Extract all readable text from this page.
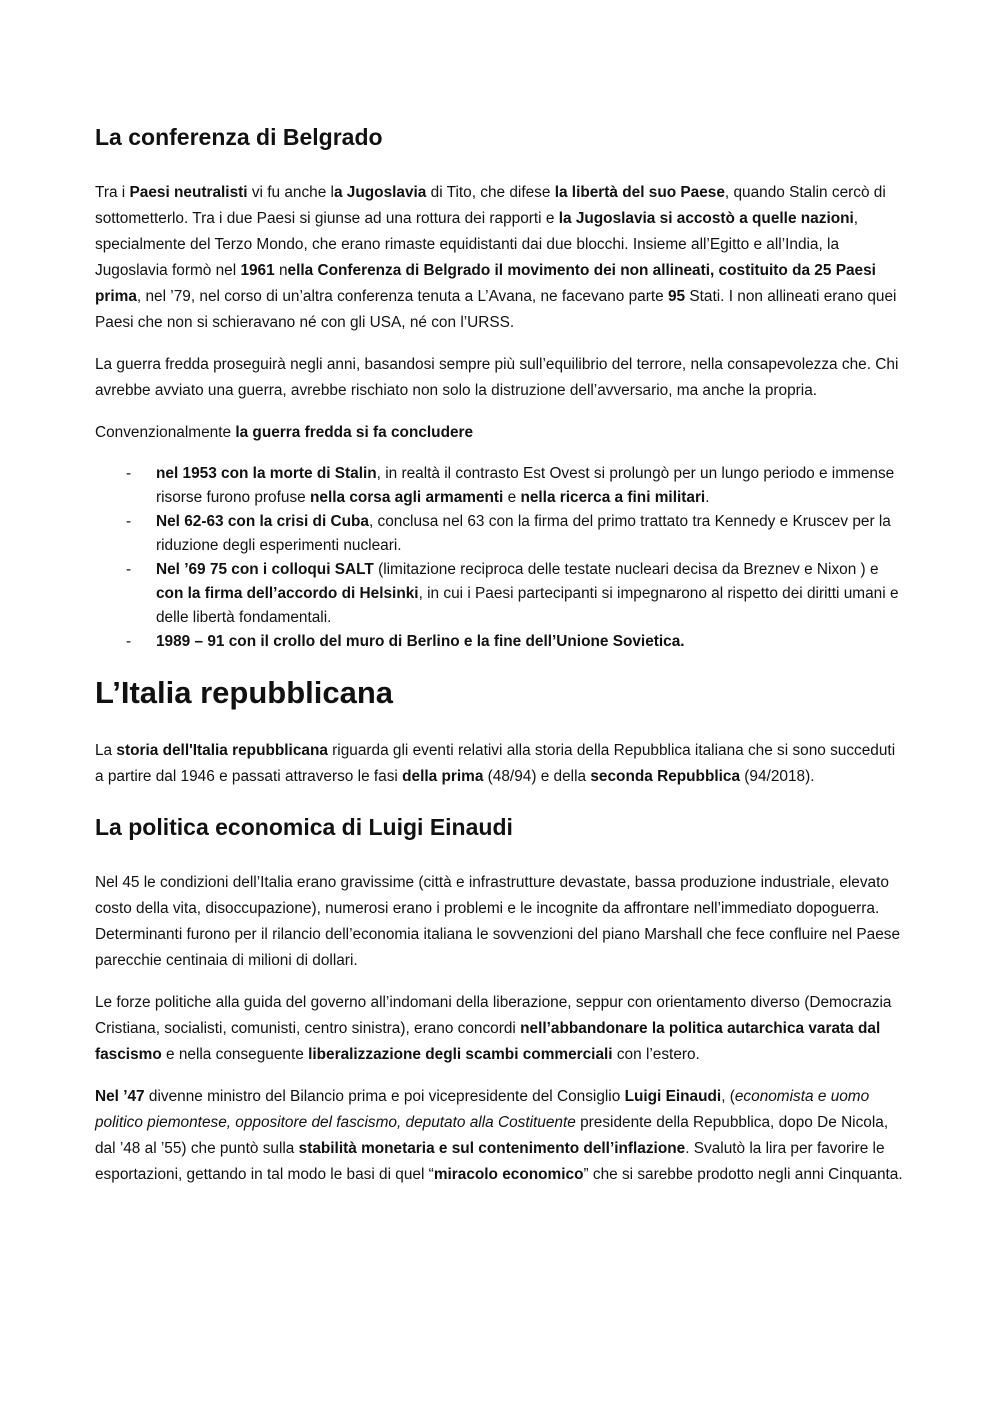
La conferenza di Belgrado

Tra i Paesi neutralisti vi fu anche la Jugoslavia di Tito, che difese la libertà del suo Paese, quando Stalin cercò di sottometterlo. Tra i due Paesi si giunse ad una rottura dei rapporti e la Jugoslavia si accostò a quelle nazioni, specialmente del Terzo Mondo, che erano rimaste equidistanti dai due blocchi. Insieme all’Egitto e all’India, la Jugoslavia formò nel 1961 nella Conferenza di Belgrado il movimento dei non allineati, costituito da 25 Paesi prima, nel ’79, nel corso di un’altra conferenza tenuta a L’Avana, ne facevano parte 95 Stati. I non allineati erano quei Paesi che non si schieravano né con gli USA, né con l’URSS.

La guerra fredda proseguirà negli anni, basandosi sempre più sull’equilibrio del terrore, nella consapevolezza che. Chi avrebbe avviato una guerra, avrebbe rischiato non solo la distruzione dell’avversario, ma anche la propria.

Convenzionalmente la guerra fredda si fa concludere

- nel 1953 con la morte di Stalin, in realtà il contrasto Est Ovest si prolungò per un lungo periodo e immense risorse furono profuse nella corsa agli armamenti e nella ricerca a fini militari.
- Nel 62-63 con la crisi di Cuba, conclusa nel 63 con la firma del primo trattato tra Kennedy e Kruscev per la riduzione degli esperimenti nucleari.
- Nel ’69 75 con i colloqui SALT (limitazione reciproca delle testate nucleari decisa da Breznev e Nixon ) e con la firma dell’accordo di Helsinki, in cui i Paesi partecipanti si impegnarono al rispetto dei diritti umani e delle libertà fondamentali.
- 1989 – 91 con il crollo del muro di Berlino e la fine dell’Unione Sovietica.
L’Italia repubblicana

La storia dell'Italia repubblicana riguarda gli eventi relativi alla storia della Repubblica italiana che si sono succeduti a partire dal 1946 e passati attraverso le fasi della prima (48/94) e della seconda Repubblica (94/2018).

La politica economica di Luigi Einaudi

Nel 45 le condizioni dell’Italia erano gravissime (città e infrastrutture devastate, bassa produzione industriale, elevato costo della vita, disoccupazione), numerosi erano i problemi e le incognite da affrontare nell’immediato dopoguerra. Determinanti furono per il rilancio dell’economia italiana le sovvenzioni del piano Marshall che fece confluire nel Paese parecchie centinaia di milioni di dollari.

Le forze politiche alla guida del governo all’indomani della liberazione, seppur con orientamento diverso (Democrazia Cristiana, socialisti, comunisti, centro sinistra), erano concordi nell’abbandonare la politica autarchica varata dal fascismo e nella conseguente liberalizzazione degli scambi commerciali con l’estero.

Nel ’47 divenne ministro del Bilancio prima e poi vicepresidente del Consiglio Luigi Einaudi, (economista e uomo politico piemontese, oppositore del fascismo, deputato alla Costituente presidente della Repubblica, dopo De Nicola, dal ’48 al ’55) che puntò sulla stabilità monetaria e sul contenimento dell’inflazione. Svalutò la lira per favorire le esportazioni, gettando in tal modo le basi di quel “miracolo economico” che si sarebbe prodotto negli anni Cinquanta.
